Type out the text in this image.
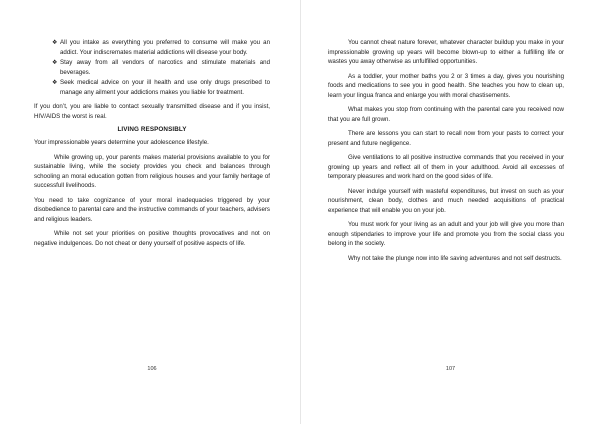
❖ All you intake as everything you preferred to consume will make you an addict. Your indiscremates material addictions will disease your body.
❖ Stay away from all vendors of narcotics and stimulate materials and beverages.
❖ Seek medical advice on your ill health and use only drugs prescribed to manage any ailment your addictions makes you liable for treatment.

If you don’t, you are liable to contact sexually transmitted disease and if you insist, HIV/AIDS the worst is real.

LIVING RESPONSIBLY

Your impressionable years determine your adolescence lifestyle.

While growing up, your parents makes material provisions available to you for sustainable living, while the society provides you check and balances through schooling an moral education gotten from religious houses and your family heritage of successfull livelihoods.

You need to take cognizance of your moral inadequacies triggered by your disobedience to parental care and the instructive commands of your teachers, advisers and religious leaders.

While not set your priorities on positive thoughts provocatives and not on negative indulgences. Do not cheat or deny yourself of positive aspects of life.

106

You cannot cheat nature forever, whatever character buildup you make in your impressionable growing up years will become blown-up to either a fulfilling life or wastes you away otherwise as unfulfilled opportunities.

As a toddler, your mother baths you 2 or 3 times a day, gives you nourishing foods and medications to see you in good health. She teaches you how to clean up, learn your lingua franca and enlarge you with moral chastisements.

What makes you stop from continuing with the parental care you received now that you are full grown.

There are lessons you can start to recall now from your pasts to correct your present and future negligence.

Give ventilations to all positive instructive commands that you received in your growing up years and reflect all of them in your adulthood. Avoid all excesses of temporary pleasures and work hard on the good sides of life.

Never indulge yourself with wasteful expenditures, but invest on such as your nourishment, clean body, clothes and much needed acquisitions of practical experience that will enable you on your job.

You must work for your living as an adult and your job will give you more than enough stipendaries to improve your life and promote you from the social class you belong in the society.

Why not take the plunge now into life saving adventures and not self destructs.

107
